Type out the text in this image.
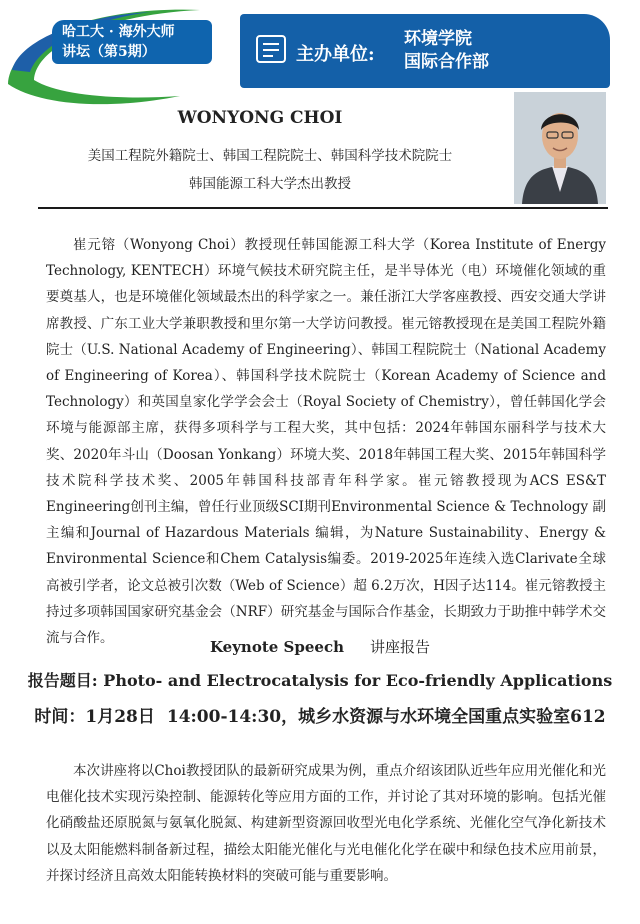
哈工大 · 海外大师
讲坛（第5期）	主办单位:
环境学院
国际合作部
WONYONG CHOI
美国工程院外籍院士、韩国工程院院士、韩国科学技术院院士
韩国能源工科大学杰出教授

崔元镕（Wonyong Choi）教授现任韩国能源工科大学（Korea Institute of Energy Technology, KENTECH）环境气候技术研究院主任，是半导体光（电）环境催化领域的重要奠基人，也是环境催化领域最杰出的科学家之一。兼任浙江大学客座教授、西安交通大学讲席教授、广东工业大学兼职教授和里尔第一大学访问教授。崔元镕教授现在是美国工程院外籍院士（U.S. National Academy of Engineering）、韩国工程院院士（National Academy of Engineering of Korea）、韩国科学技术院院士（Korean Academy of Science and Technology）和英国皇家化学学会会士（Royal Society of Chemistry），曾任韩国化学会环境与能源部主席，获得多项科学与工程大奖，其中包括：2024年韩国东丽科学与技术大奖、2020年斗山（Doosan Yonkang）环境大奖、2018年韩国工程大奖、2015年韩国科学技术院科学技术奖、2005年韩国科技部青年科学家。崔元镕教授现为ACS ES&T Engineering创刊主编，曾任行业顶级SCI期刊Environmental Science & Technology 副主编和Journal of Hazardous Materials 编辑，为Nature Sustainability、Energy & Environmental Science和Chem Catalysis编委。2019-2025年连续入选Clarivate全球高被引学者，论文总被引次数（Web of Science）超 6.2万次，H因子达114。崔元镕教授主持过多项韩国国家研究基金会（NRF）研究基金与国际合作基金，长期致力于助推中韩学术交流与合作。	Keynote Speech 讲座报告
报告题目: Photo- and Electrocatalysis for Eco-friendly Applications
时间：1月28日 14:00-14:30，城乡水资源与水环境全国重点实验室612

本次讲座将以Choi教授团队的最新研究成果为例，重点介绍该团队近些年应用光催化和光电催化技术实现污染控制、能源转化等应用方面的工作，并讨论了其对环境的影响。包括光催化硝酸盐还原脱氮与氨氧化脱氮、构建新型资源回收型光电化学系统、光催化空气净化新技术以及太阳能燃料制备新过程，描绘太阳能光催化与光电催化化学在碳中和绿色技术应用前景，并探讨经济且高效太阳能转换材料的突破可能与重要影响。
